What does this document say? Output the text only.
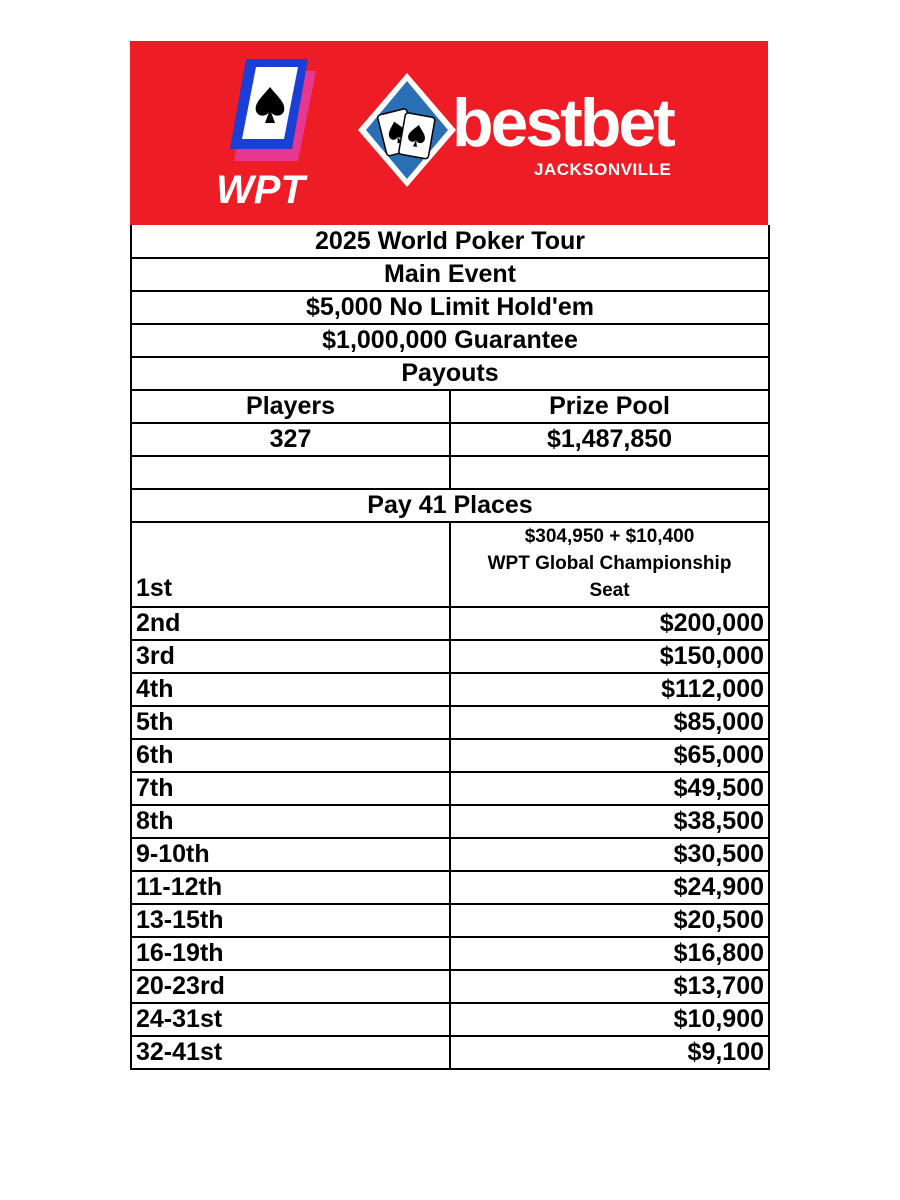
WPT
bestbet
JACKSONVILLE
2025 World Poker Tour	
Main Event	
$5,000 No Limit Hold'em	
$1,000,000 Guarantee	
Payouts	
Players	Prize Pool
327	$1,487,850

Pay 41 Places	
1st	$304,950 + $10,400
WPT Global Championship
Seat

2nd	$200,000
3rd	$150,000
4th	$112,000
5th	$85,000
6th	$65,000
7th	$49,500
8th	$38,500
9-10th	$30,500
11-12th	$24,900
13-15th	$20,500
16-19th	$16,800
20-23rd	$13,700
24-31st	$10,900
32-41st	$9,100
